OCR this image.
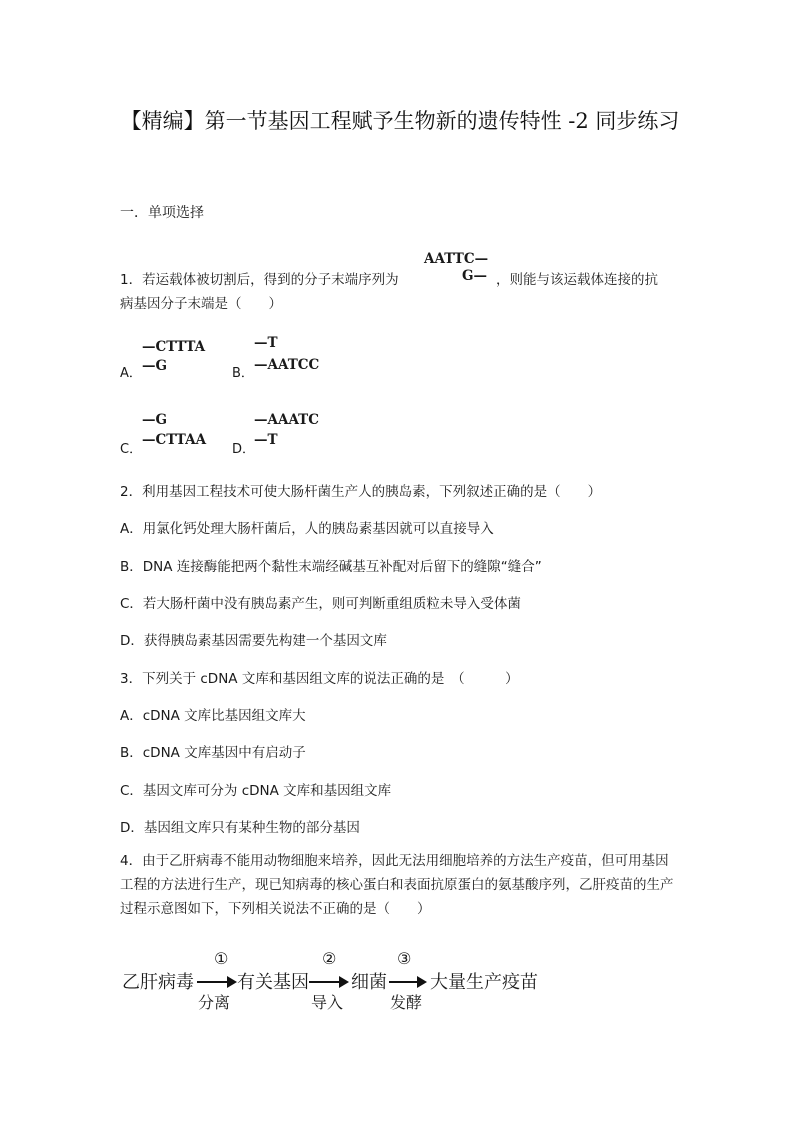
【精编】第一节基因工程赋予生物新的遗传特性 -2 同步练习
一．单项选择
1．若运载体被切割后，得到的分子末端序列为
AATTC—
G— ，则能与该运载体连接的抗
病基因分子末端是（　　）
A．
—CTTTA
—G	B．
—T
—AATCC
C．
—G
—CTTAA
D．
—AAATC
—T
2．利用基因工程技术可使大肠杆菌生产人的胰岛素，下列叙述正确的是（　　）
A．用氯化钙处理大肠杆菌后，人的胰岛素基因就可以直接导入
B．DNA 连接酶能把两个黏性末端经碱基互补配对后留下的缝隙“缝合”
C．若大肠杆菌中没有胰岛素产生，则可判断重组质粒未导入受体菌
D．获得胰岛素基因需要先构建一个基因文库
3．下列关于 cDNA 文库和基因组文库的说法正确的是　（　　　）
A．cDNA 文库比基因组文库大
B．cDNA 文库基因中有启动子
C．基因文库可分为 cDNA 文库和基因组文库
D．基因组文库只有某种生物的部分基因
4．由于乙肝病毒不能用动物细胞来培养，因此无法用细胞培养的方法生产疫苗，但可用基因工程的方法进行生产，现已知病毒的核心蛋白和表面抗原蛋白的氨基酸序列，乙肝疫苗的生产过程示意图如下，下列相关说法不正确的是（　　）
乙肝病毒
①
分离
有关基因
②
导入
细菌
③
发酵
大量生产疫苗
